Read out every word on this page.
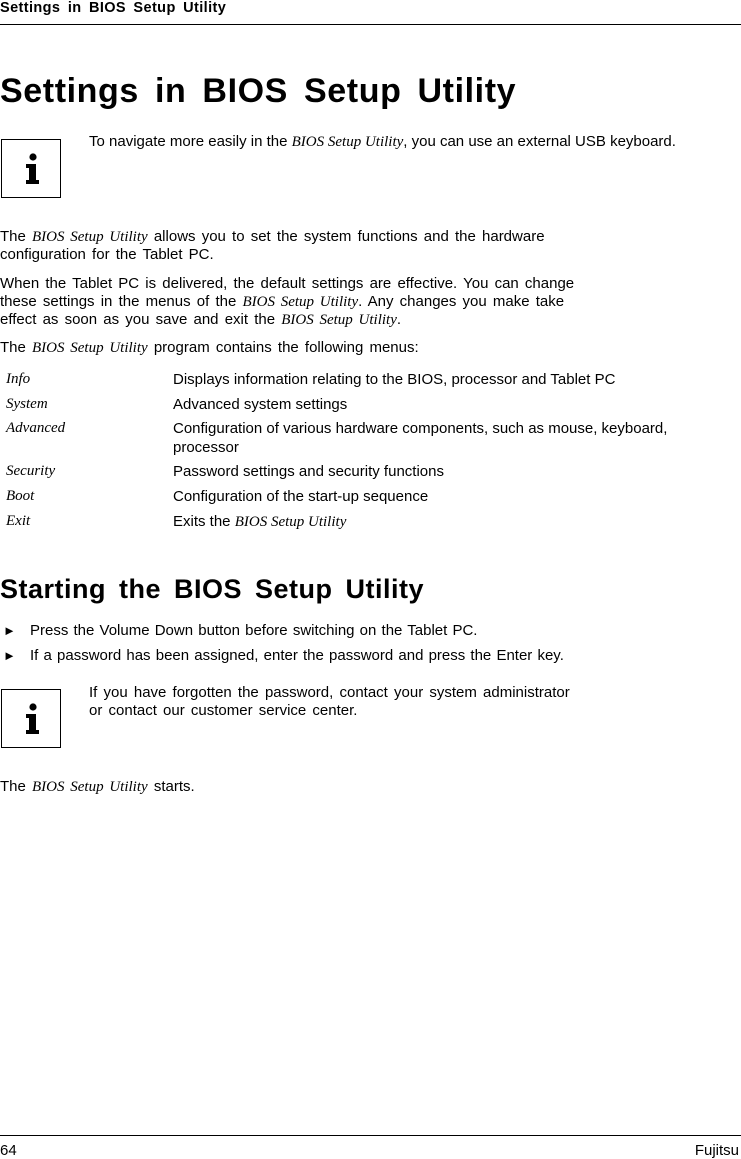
Settings in BIOS Setup Utility
Settings in BIOS Setup Utility
To navigate more easily in the BIOS Setup Utility, you can use an external USB keyboard.

The BIOS Setup Utility allows you to set the system functions and the hardware
configuration for the Tablet PC.

When the Tablet PC is delivered, the default settings are effective. You can change
these settings in the menus of the BIOS Setup Utility. Any changes you make take
effect as soon as you save and exit the BIOS Setup Utility.

The BIOS Setup Utility program contains the following menus:

Info	Displays information relating to the BIOS, processor and Tablet PC
System	Advanced system settings
Advanced	Configuration of various hardware components, such as mouse, keyboard, processor
Security	Password settings and security functions
Boot	Configuration of the start-up sequence
Exit	Exits the BIOS Setup Utility
Starting the BIOS Setup Utility
► Press the Volume Down button before switching on the Tablet PC.
► If a password has been assigned, enter the password and press the Enter key.
If you have forgotten the password, contact your system administrator
or contact our customer service center.

The BIOS Setup Utility starts.

64	Fujitsu
